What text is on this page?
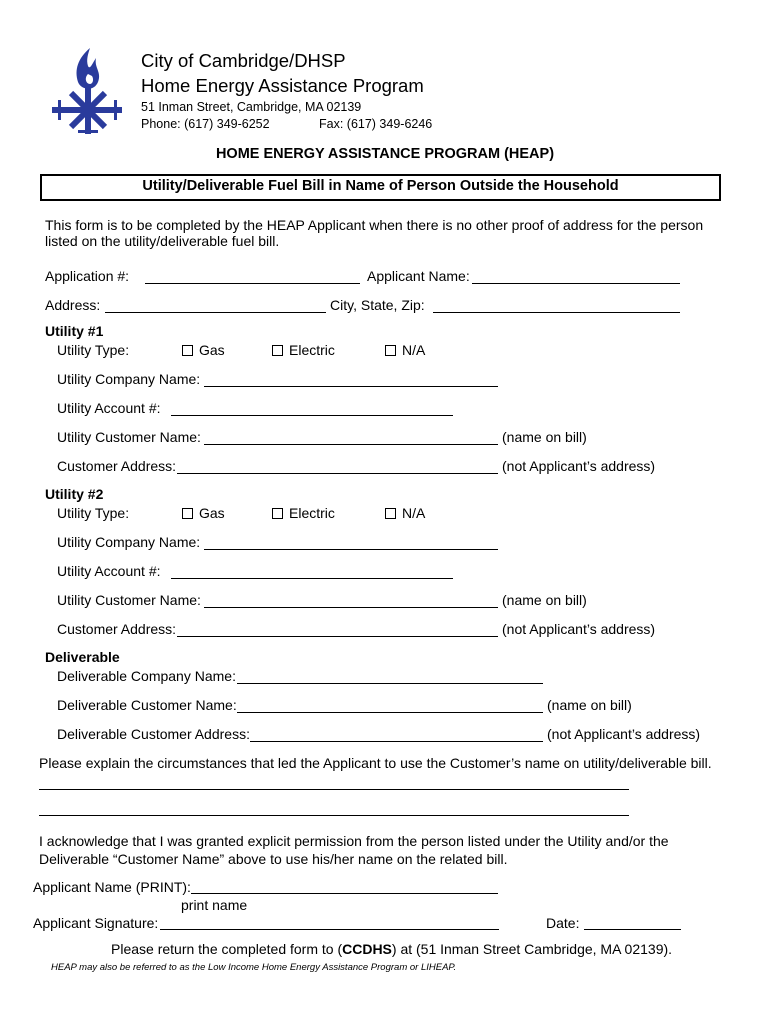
City of Cambridge/DHSP
Home Energy Assistance Program
51 Inman Street, Cambridge, MA 02139
Phone: (617) 349-6252	Fax: (617) 349-6246
HOME ENERGY ASSISTANCE PROGRAM (HEAP)
Utility/Deliverable Fuel Bill in Name of Person Outside the Household
This form is to be completed by the HEAP Applicant when there is no other proof of address for the person
listed on the utility/deliverable fuel bill.
Application #:	Applicant Name:
Address:	City, State, Zip:
Utility #1
Utility Type:	Gas	Electric	N/A
Utility Company Name:
Utility Account #:
Utility Customer Name:	(name on bill)
Customer Address:	(not Applicant’s address)
Utility #2
Utility Type:	Gas	Electric	N/A
Utility Company Name:
Utility Account #:
Utility Customer Name:	(name on bill)
Customer Address:	(not Applicant’s address)
Deliverable
Deliverable Company Name:
Deliverable Customer Name:	(name on bill)
Deliverable Customer Address:	(not Applicant’s address)
Please explain the circumstances that led the Applicant to use the Customer’s name on utility/deliverable bill.
I acknowledge that I was granted explicit permission from the person listed under the Utility and/or the
Deliverable “Customer Name” above to use his/her name on the related bill.
Applicant Name (PRINT):
print name
Applicant Signature:	Date:
Please return the completed form to (CCDHS) at (51 Inman Street Cambridge, MA 02139).
HEAP may also be referred to as the Low Income Home Energy Assistance Program or LIHEAP.
